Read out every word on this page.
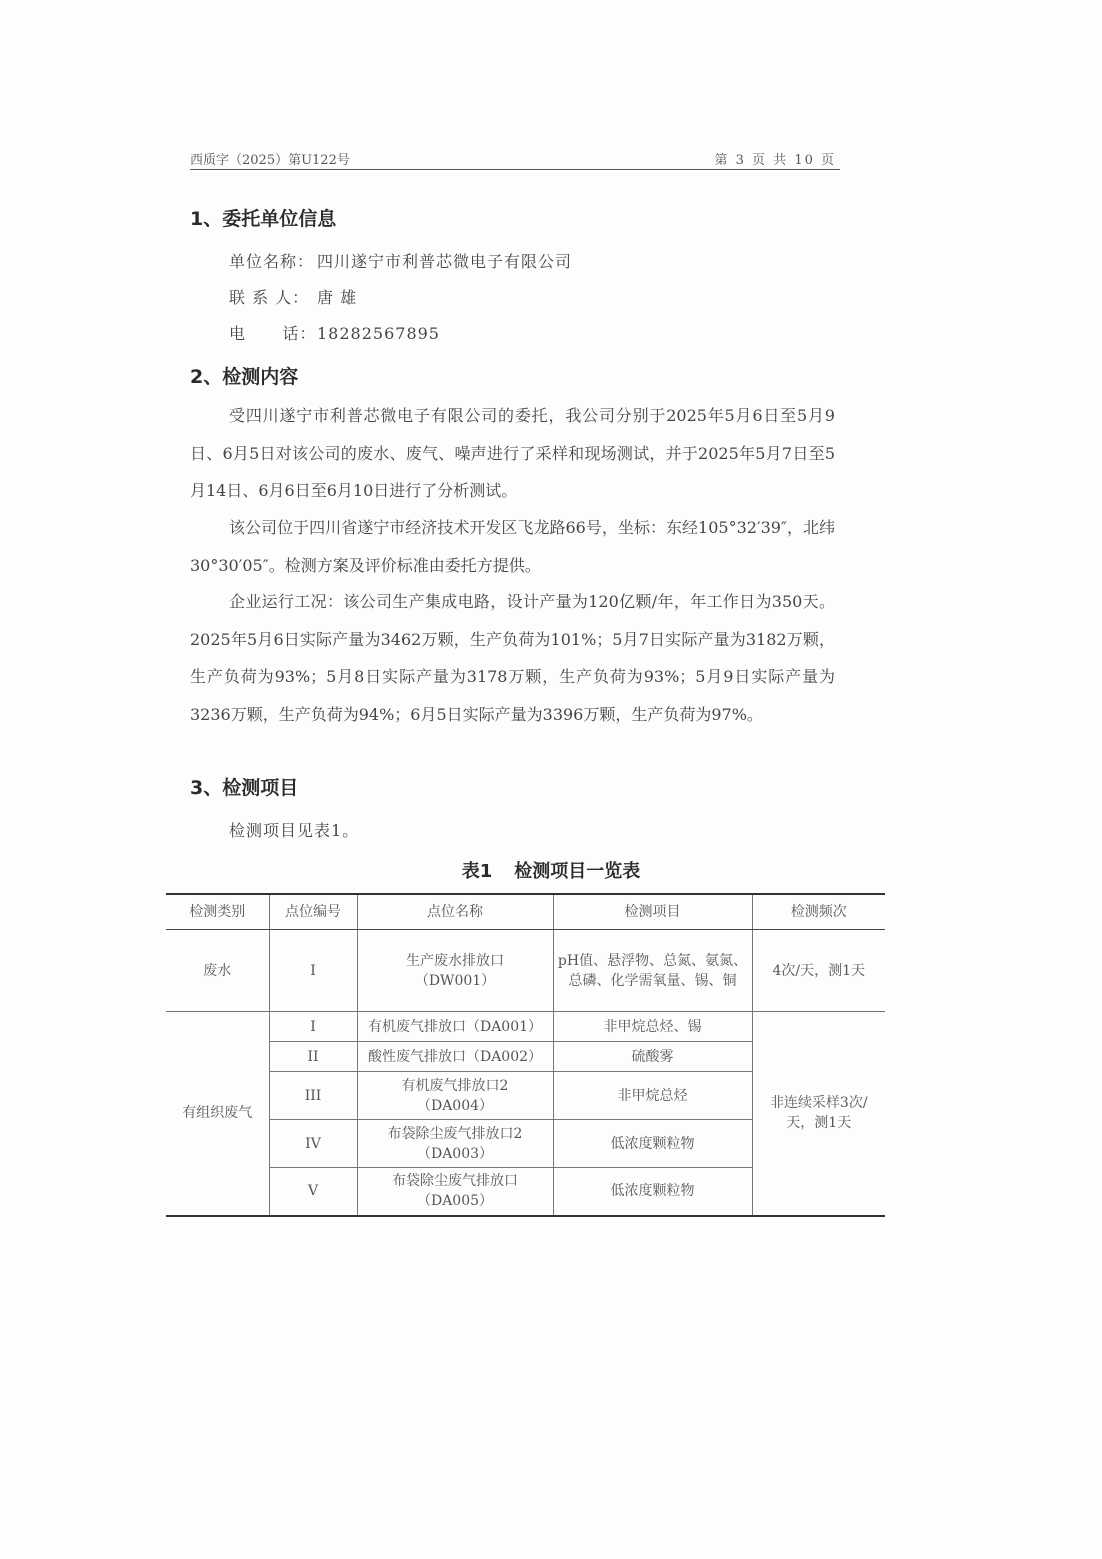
西质字（2025）第U122号	第 3 页 共 10 页
1、委托单位信息
单位名称： 四川遂宁市利普芯微电子有限公司
联 系 人： 唐 雄
电      话：18282567895
2、检测内容

受四川遂宁市利普芯微电子有限公司的委托，我公司分别于2025年5月6日至5月9日、6月5日对该公司的废水、废气、噪声进行了采样和现场测试，并于2025年5月7日至5月14日、6月6日至6月10日进行了分析测试。

该公司位于四川省遂宁市经济技术开发区飞龙路66号，坐标：东经105°32′39″，北纬30°30′05″。检测方案及评价标准由委托方提供。

企业运行工况：该公司生产集成电路，设计产量为120亿颗/年，年工作日为350天。2025年5月6日实际产量为3462万颗，生产负荷为101%；5月7日实际产量为3182万颗，生产负荷为93%；5月8日实际产量为3178万颗，生产负荷为93%；5月9日实际产量为3236万颗，生产负荷为94%；6月5日实际产量为3396万颗，生产负荷为97%。

3、检测项目
检测项目见表1。
表1 检测项目一览表
检测类别	点位编号	点位名称	检测项目	检测频次
废水	I	生产废水排放口（DW001）	pH值、悬浮物、总氮、氨氮、总磷、化学需氧量、锡、铜	4次/天，测1天
有组织废气	I	有机废气排放口（DA001）	非甲烷总烃、锡	非连续采样3次/天，测1天
	II	酸性废气排放口（DA002）	硫酸雾	
	III	有机废气排放口2（DA004）	非甲烷总烃	
	IV	布袋除尘废气排放口2（DA003）	低浓度颗粒物	
	V	布袋除尘废气排放口（DA005）	低浓度颗粒物	
